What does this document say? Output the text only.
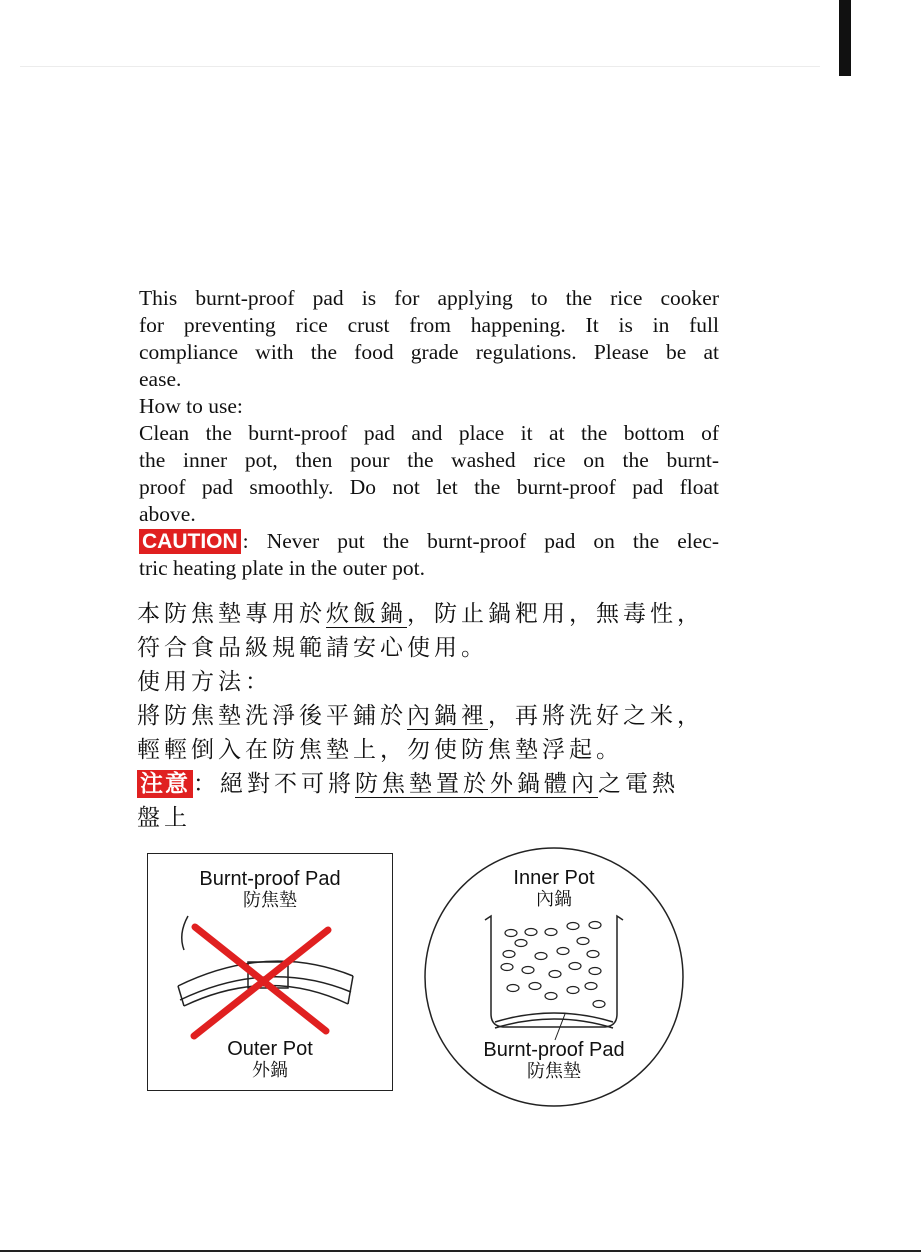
This burnt-proof pad is for applying to the rice cooker

for preventing rice crust from happening. It is in full

compliance with the food grade regulations. Please be at

ease.

How to use:

Clean the burnt-proof pad and place it at the bottom of

the inner pot, then pour the washed rice on the burnt-

proof pad smoothly. Do not let the burnt-proof pad float

above.

CAUTION : Never put the burnt-proof pad on the elec-

tric heating plate in the outer pot.

本防焦墊專用於炊飯鍋，防止鍋粑用，無毒性，

符合食品級規範請安心使用。

使用方法：

將防焦墊洗淨後平鋪於內鍋裡，再將洗好之米，

輕輕倒入在防焦墊上，勿使防焦墊浮起。

注意 ：絕對不可將防焦墊置於外鍋體內之電熱

盤上

Burnt-proof Pad
防焦墊
Outer Pot
外鍋
Inner Pot
內鍋
Burnt-proof Pad
防焦墊
